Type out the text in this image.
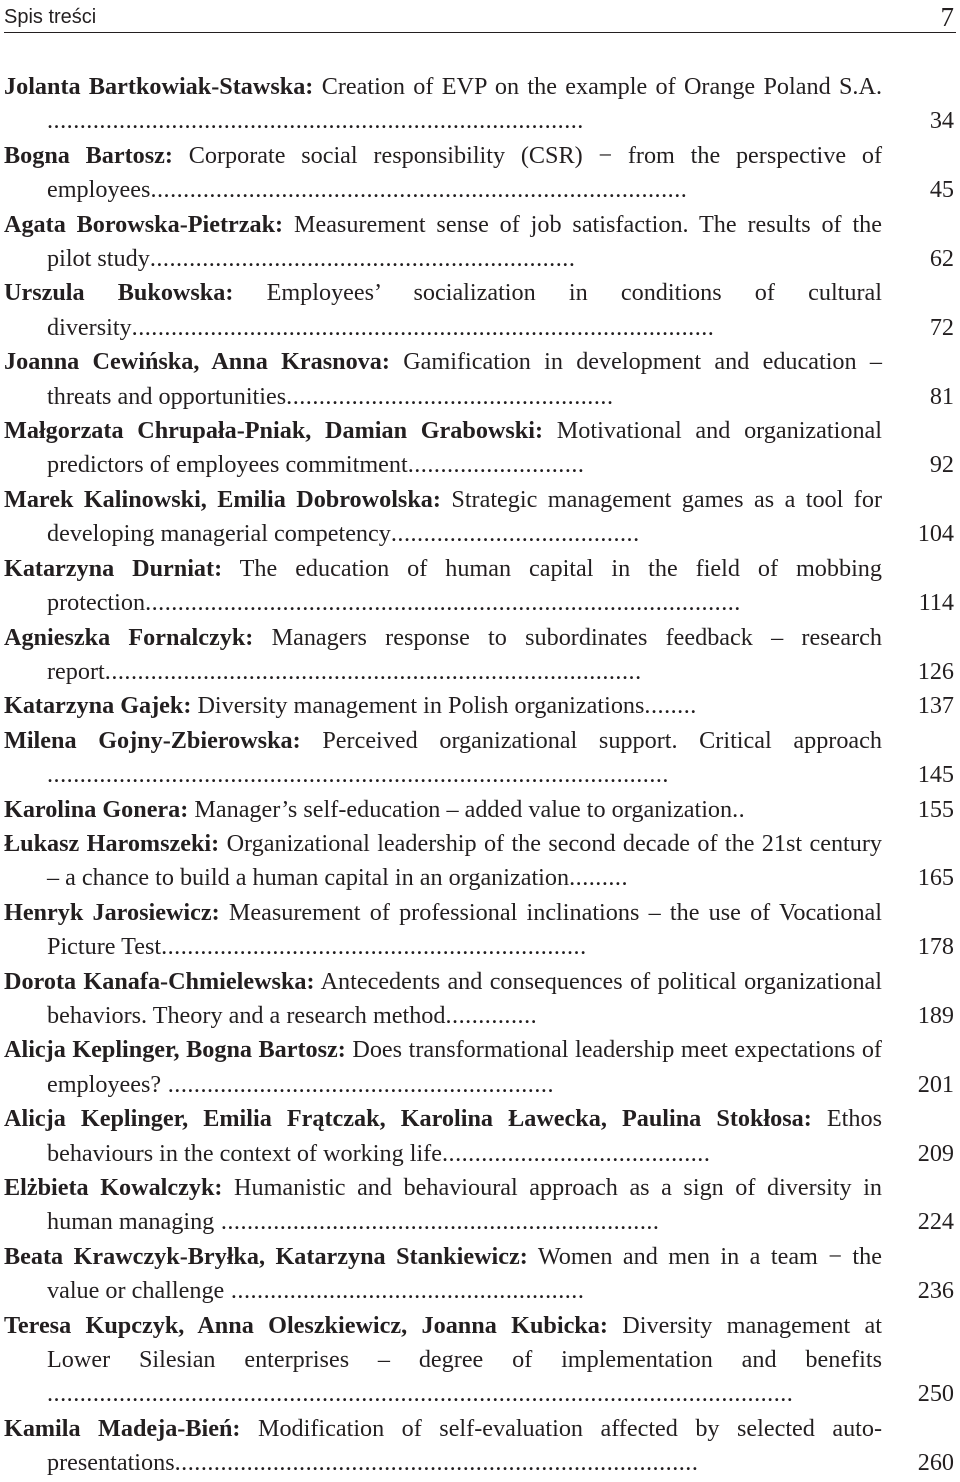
Spis treści	7

Jolanta Bartkowiak-Stawska: Creation of EVP on the example of Orange Poland S.A. ..................................................................................	34

Bogna Bartosz: Corporate social responsibility (CSR) − from the perspective of employees..................................................................................	45

Agata Borowska-Pietrzak: Measurement sense of job satisfaction. The results of the pilot study.................................................................	62

Urszula Bukowska: Employees’ socialization in conditions of cultural diversity.........................................................................................	72

Joanna Cewińska, Anna Krasnova: Gamification in development and education – threats and opportunities..................................................	81

Małgorzata Chrupała-Pniak, Damian Grabowski: Motivational and organizational predictors of employees commitment...........................	92

Marek Kalinowski, Emilia Dobrowolska: Strategic management games as a tool for developing managerial competency......................................	104

Katarzyna Durniat: The education of human capital in the field of mobbing protection...........................................................................................	114

Agnieszka Fornalczyk: Managers response to subordinates feedback – research report..................................................................................	126

Katarzyna Gajek: Diversity management in Polish organizations........	137

Milena Gojny-Zbierowska: Perceived organizational support. Critical approach ...............................................................................................	145

Karolina Gonera: Manager’s self-education – added value to organization..	155

Łukasz Haromszeki: Organizational leadership of the second decade of the 21st century – a chance to build a human capital in an organization.........	165

Henryk Jarosiewicz: Measurement of professional inclinations – the use of Vocational Picture Test.................................................................	178

Dorota Kanafa-Chmielewska: Antecedents and consequences of political organizational behaviors. Theory and a research method..............	189

Alicja Keplinger, Bogna Bartosz: Does transformational leadership meet expectations of employees? ...........................................................	201

Alicja Keplinger, Emilia Frątczak, Karolina Ławecka, Paulina Stokłosa: Ethos behaviours in the context of working life.........................................	209

Elżbieta Kowalczyk: Humanistic and behavioural approach as a sign of diversity in human managing ...................................................................	224

Beata Krawczyk-Bryłka, Katarzyna Stankiewicz: Women and men in a team − the value or challenge ......................................................	236

Teresa Kupczyk, Anna Oleszkiewicz, Joanna Kubicka: Diversity management at Lower Silesian enterprises – degree of implementation and benefits ..................................................................................................................	250

Kamila Madeja-Bień: Modification of self-evaluation affected by selected auto-presentations................................................................................	260
